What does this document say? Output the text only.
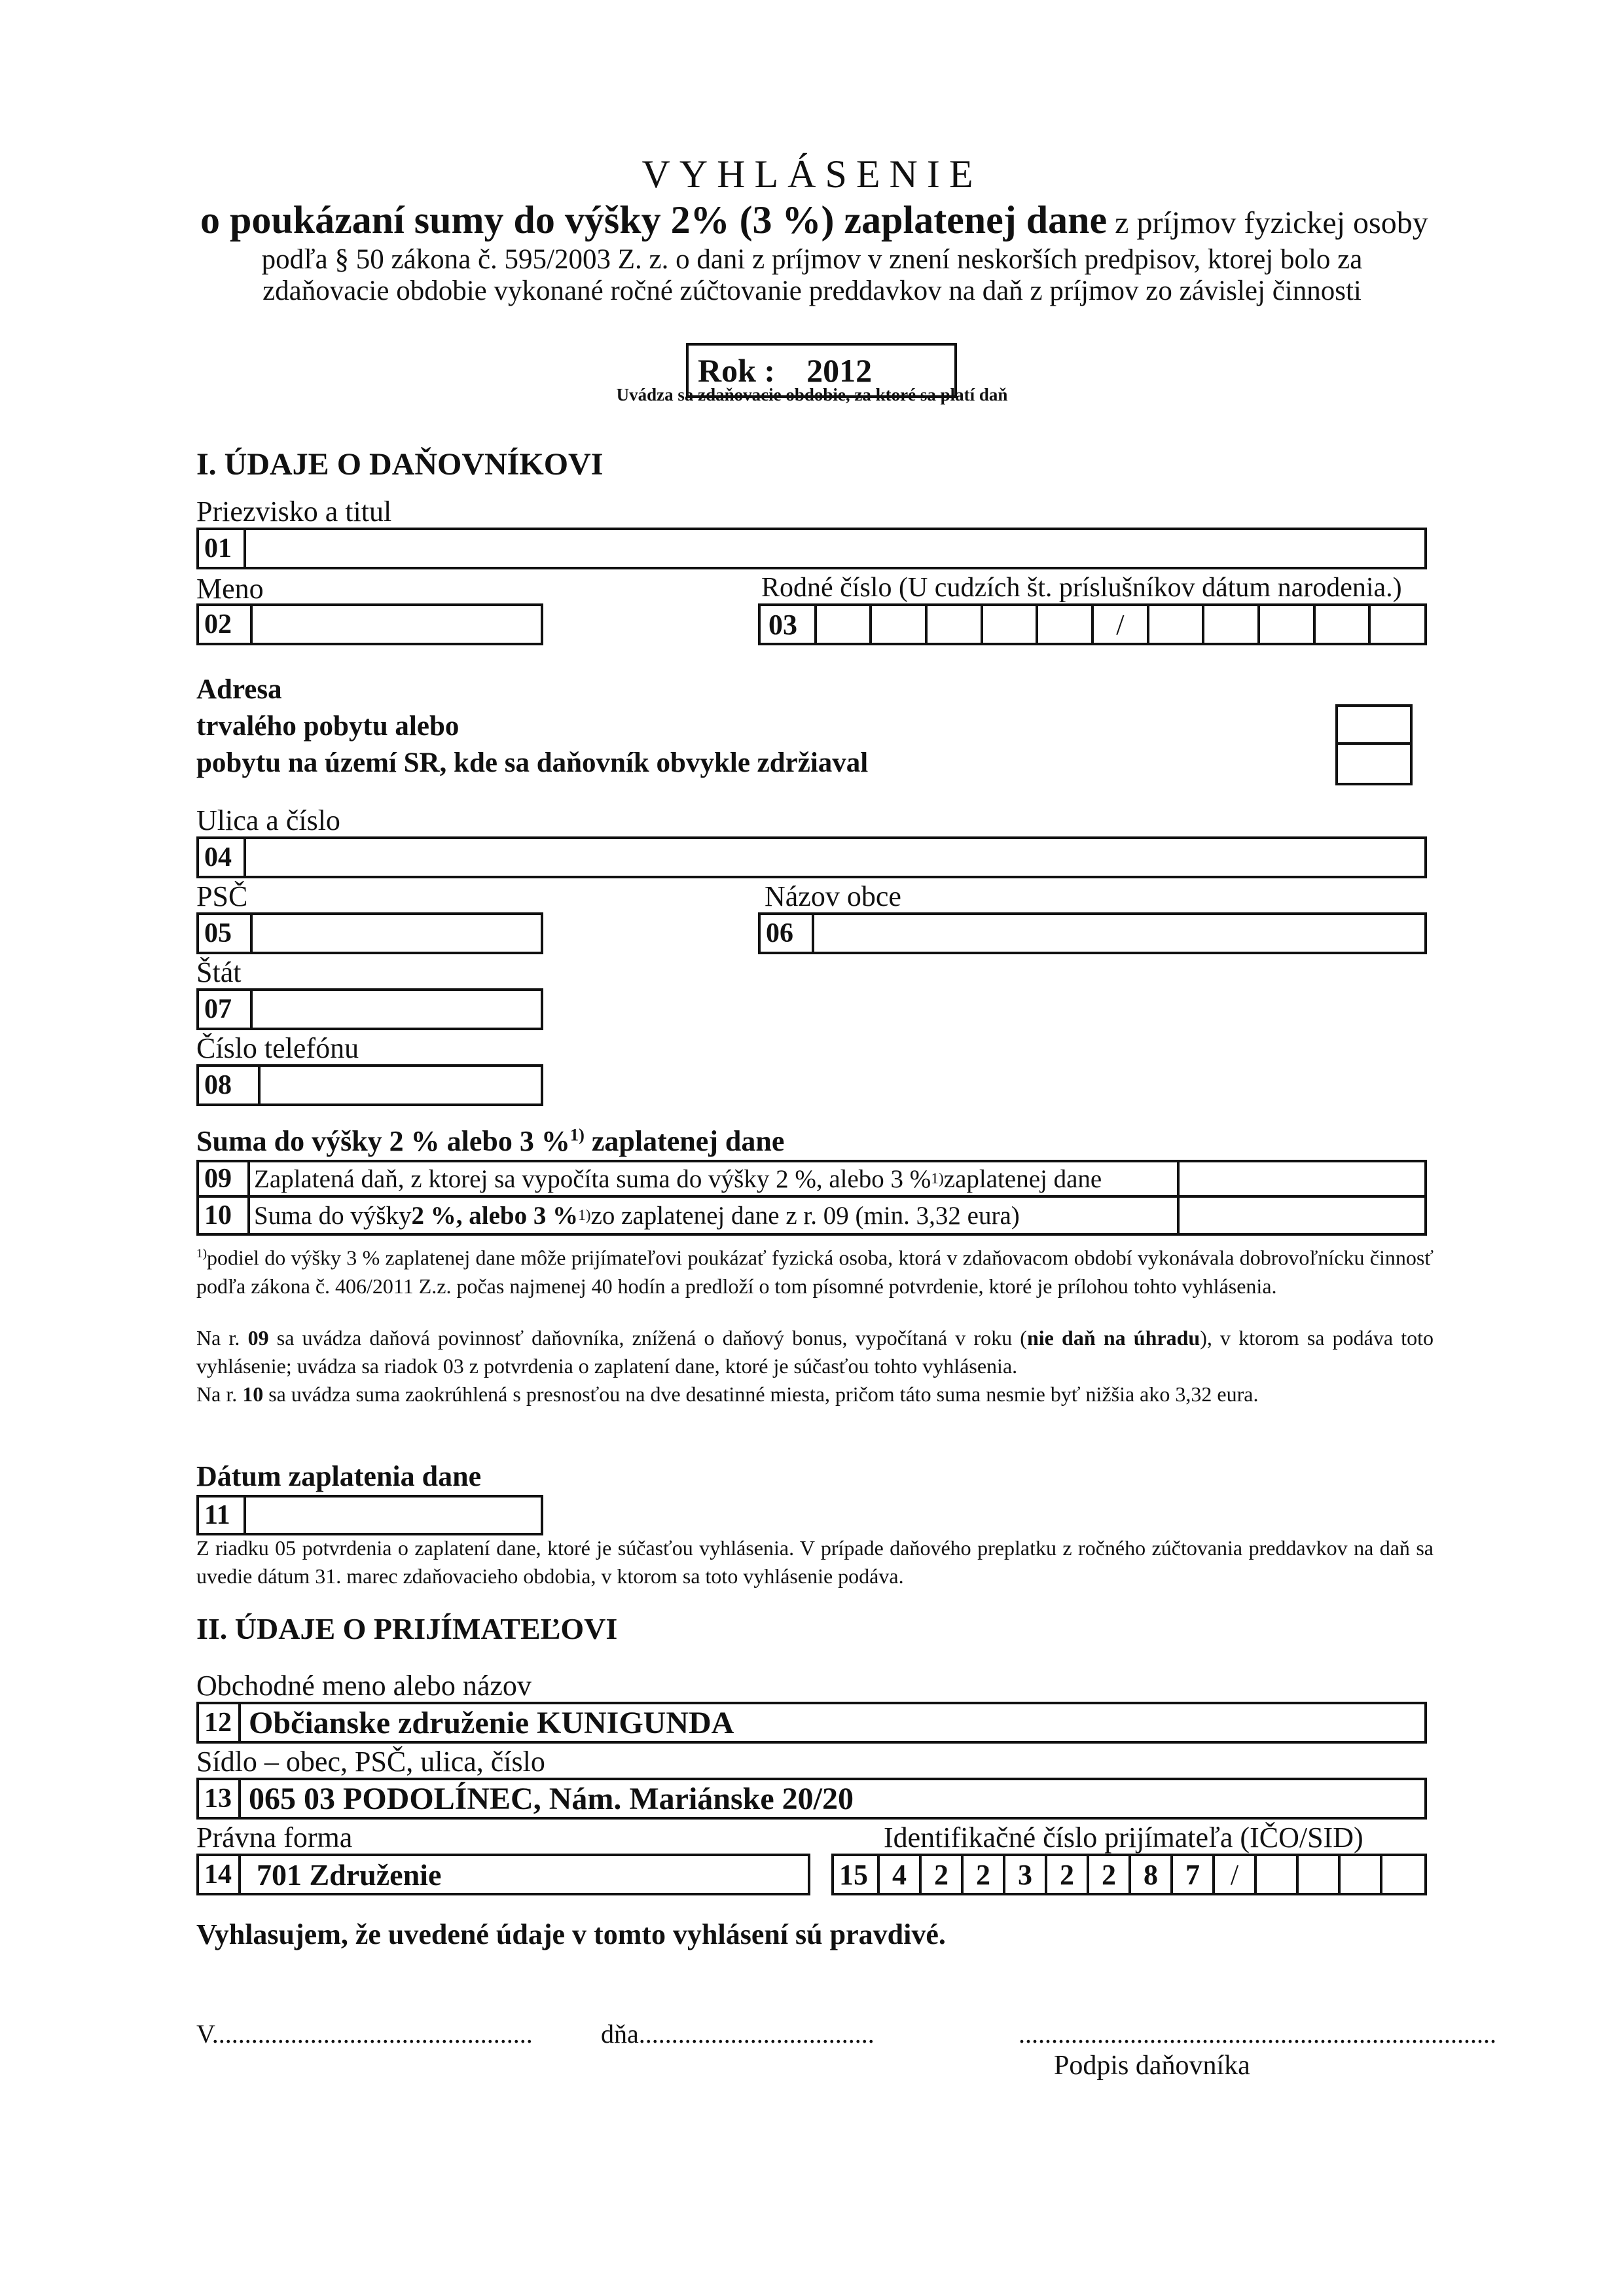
VYHLÁSENIE
o poukázaní sumy do výšky 2% (3 %) zaplatenej dane z príjmov fyzickej osoby
podľa § 50 zákona č. 595/2003 Z. z. o dani z príjmov v znení neskorších predpisov, ktorej bolo za
zdaňovacie obdobie vykonané ročné zúčtovanie preddavkov na daň z príjmov zo závislej činnosti
Rok : 2012
Uvádza sa zdaňovacie obdobie, za ktoré sa platí daň
I. ÚDAJE O DAŇOVNÍKOVI
Priezvisko a titul
01
Meno	Rodné číslo (U cudzích št. príslušníkov dátum narodenia.)
02	03	/
Adresa
trvalého pobytu alebo
pobytu na území SR, kde sa daňovník obvykle zdržiaval
Ulica a číslo
04
PSČ	Názov obce
05	06
Štát
07
Číslo telefónu
08
Suma do výšky 2 % alebo 3 %$^{1)}$ zaplatenej dane
09 Zaplatená daň, z ktorej sa vypočíta suma do výšky 2 %, alebo 3 % 1) zaplatenej dane
10 Suma do výšky 2 %, alebo 3 % 1) zo zaplatenej dane z r. 09 (min. 3,32 eura)
$^{1)}$podiel do výšky 3 % zaplatenej dane môže prijímateľovi poukázať fyzická osoba, ktorá v zdaňovacom období vykonávala dobrovoľnícku činnosť podľa zákona č. 406/2011 Z.z. počas najmenej 40 hodín a predloží o tom písomné potvrdenie, ktoré je prílohou tohto vyhlásenia.
Na r. 09 sa uvádza daňová povinnosť daňovníka, znížená o daňový bonus, vypočítaná v roku (nie daň na úhradu), v ktorom sa podáva toto vyhlásenie; uvádza sa riadok 03 z potvrdenia o zaplatení dane, ktoré je súčasťou tohto vyhlásenia.
Na r. 10 sa uvádza suma zaokrúhlená s presnosťou na dve desatinné miesta, pričom táto suma nesmie byť nižšia ako 3,32 eura.
Dátum zaplatenia dane
11
Z riadku 05 potvrdenia o zaplatení dane, ktoré je súčasťou vyhlásenia. V prípade daňového preplatku z ročného zúčtovania preddavkov na daň sa uvedie dátum 31. marec zdaňovacieho obdobia, v ktorom sa toto vyhlásenie podáva.
II. ÚDAJE O PRIJÍMATEĽOVI
Obchodné meno alebo názov
12 Občianske združenie KUNIGUNDA
Sídlo – obec, PSČ, ulica, číslo
13 065 03 PODOLÍNEC, Nám. Mariánske 20/20
Právna forma	Identifikačné číslo prijímateľa (IČO/SID)
14 701 Združenie	15 4 2 2 3 2 2 8 7	/
Vyhlasujem, že uvedené údaje v tomto vyhlásení sú pravdivé.
V.................................................	dňa....................................	.........................................................................
Podpis daňovníka
